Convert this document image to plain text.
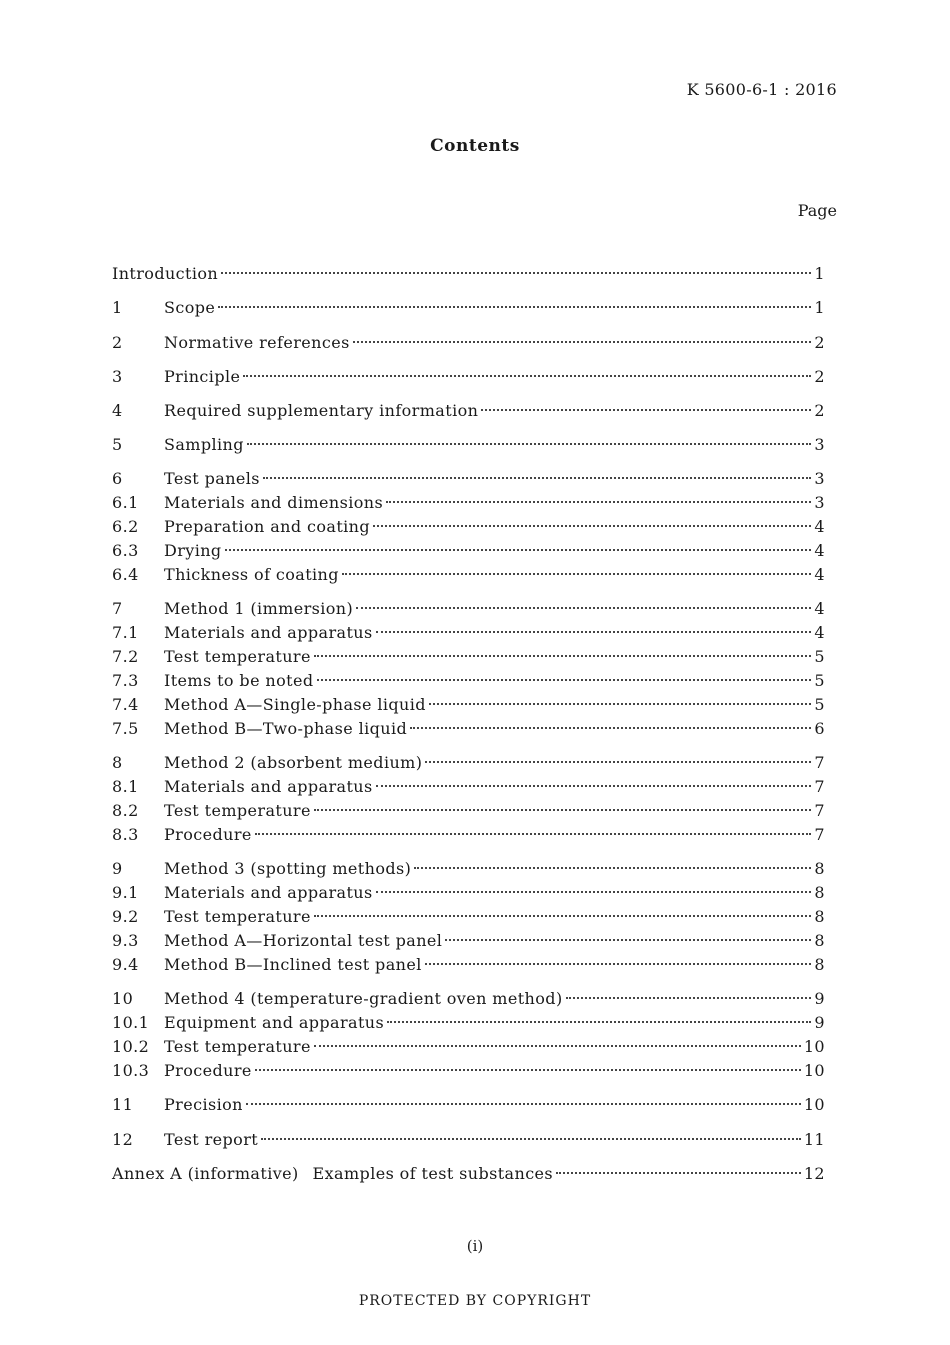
K 5600-6-1 : 2016
Contents
Page
Introduction	1
1	Scope	1
2	Normative references	2
3	Principle	2
4	Required supplementary information	2
5	Sampling	3
6	Test panels	3
6.1	Materials and dimensions	3
6.2	Preparation and coating	4
6.3	Drying	4
6.4	Thickness of coating	4
7	Method 1 (immersion)	4
7.1	Materials and apparatus	4
7.2	Test temperature	5
7.3	Items to be noted	5
7.4	Method A—Single-phase liquid	5
7.5	Method B—Two-phase liquid	6
8	Method 2 (absorbent medium)	7
8.1	Materials and apparatus	7
8.2	Test temperature	7
8.3	Procedure	7
9	Method 3 (spotting methods)	8
9.1	Materials and apparatus	8
9.2	Test temperature	8
9.3	Method A—Horizontal test panel	8
9.4	Method B—Inclined test panel	8
10	Method 4 (temperature-gradient oven method)	9
10.1 Equipment and apparatus	9
10.2 Test temperature	10
10.3 Procedure	10
11	Precision	10
12	Test report	11
Annex A (informative)  Examples of test substances	12
(i)
PROTECTED BY COPYRIGHT
